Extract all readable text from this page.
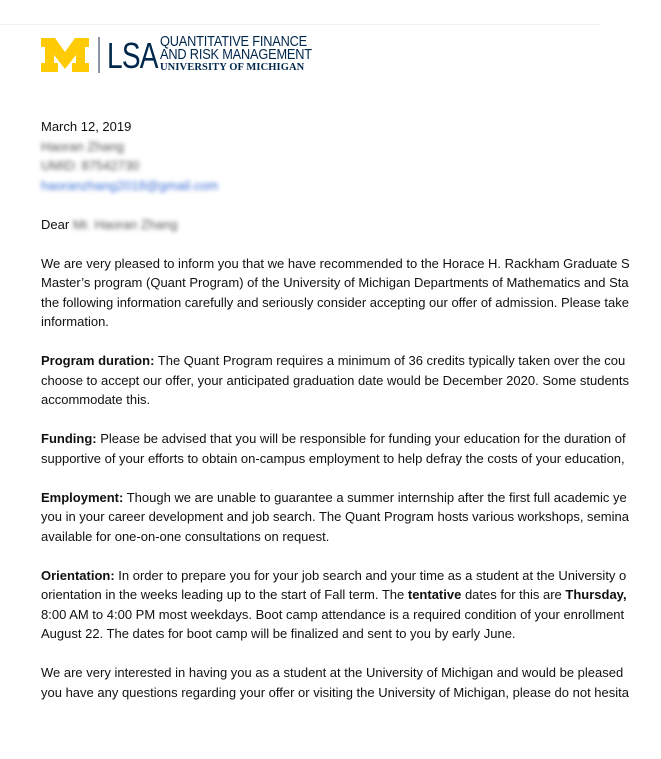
LSA QUANTITATIVE FINANCE
AND RISK MANAGEMENT
UNIVERSITY OF MICHIGAN

March 12, 2019

Haoran Zhang

UMID: 87542730

haoranzhang2018@gmail.com

Dear Mr. Haoran Zhang

We are very pleased to inform you that we have recommended to the Horace H. Rackham Graduate S

Master’s program (Quant Program) of the University of Michigan Departments of Mathematics and Sta

the following information carefully and seriously consider accepting our offer of admission. Please take

information.

Program duration: The Quant Program requires a minimum of 36 credits typically taken over the cou

choose to accept our offer, your anticipated graduation date would be December 2020. Some students

accommodate this.

Funding: Please be advised that you will be responsible for funding your education for the duration of

supportive of your efforts to obtain on-campus employment to help defray the costs of your education,

Employment: Though we are unable to guarantee a summer internship after the first full academic ye

you in your career development and job search. The Quant Program hosts various workshops, semina

available for one-on-one consultations on request.

Orientation: In order to prepare you for your job search and your time as a student at the University o

orientation in the weeks leading up to the start of Fall term. The tentative dates for this are Thursday,

8:00 AM to 4:00 PM most weekdays. Boot camp attendance is a required condition of your enrollment

August 22. The dates for boot camp will be finalized and sent to you by early June.

We are very interested in having you as a student at the University of Michigan and would be pleased

you have any questions regarding your offer or visiting the University of Michigan, please do not hesita
